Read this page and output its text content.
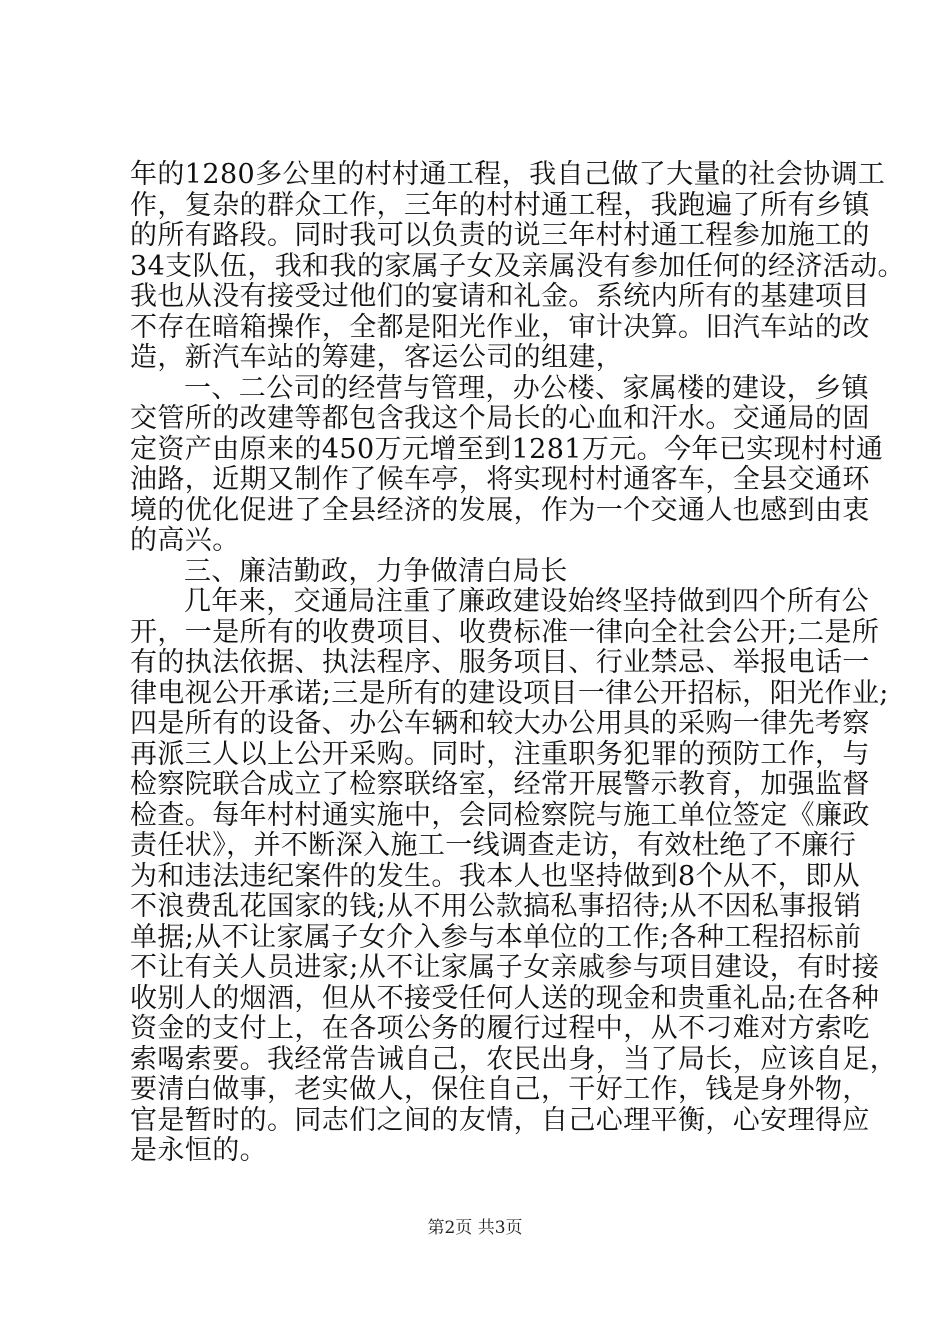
年的1280多公里的村村通工程，我自己做了大量的社会协调工
作，复杂的群众工作，三年的村村通工程，我跑遍了所有乡镇
的所有路段。同时我可以负责的说三年村村通工程参加施工的
34支队伍，我和我的家属子女及亲属没有参加任何的经济活动。
我也从没有接受过他们的宴请和礼金。系统内所有的基建项目
不存在暗箱操作，全都是阳光作业，审计决算。旧汽车站的改
造，新汽车站的筹建，客运公司的组建，
一、二公司的经营与管理，办公楼、家属楼的建设，乡镇
交管所的改建等都包含我这个局长的心血和汗水。交通局的固
定资产由原来的450万元增至到1281万元。今年已实现村村通
油路，近期又制作了候车亭，将实现村村通客车，全县交通环
境的优化促进了全县经济的发展，作为一个交通人也感到由衷
的高兴。
三、廉洁勤政，力争做清白局长
几年来，交通局注重了廉政建设始终坚持做到四个所有公
开，一是所有的收费项目、收费标准一律向全社会公开;二是所
有的执法依据、执法程序、服务项目、行业禁忌、举报电话一
律电视公开承诺;三是所有的建设项目一律公开招标，阳光作业;
四是所有的设备、办公车辆和较大办公用具的采购一律先考察
再派三人以上公开采购。同时，注重职务犯罪的预防工作，与
检察院联合成立了检察联络室，经常开展警示教育，加强监督
检查。每年村村通实施中，会同检察院与施工单位签定《廉政
责任状》，并不断深入施工一线调查走访，有效杜绝了不廉行
为和违法违纪案件的发生。我本人也坚持做到8个从不，即从
不浪费乱花国家的钱;从不用公款搞私事招待;从不因私事报销
单据;从不让家属子女介入参与本单位的工作;各种工程招标前
不让有关人员进家;从不让家属子女亲戚参与项目建设，有时接
收别人的烟酒，但从不接受任何人送的现金和贵重礼品;在各种
资金的支付上，在各项公务的履行过程中，从不刁难对方索吃
索喝索要。我经常告诫自己，农民出身，当了局长，应该自足，
要清白做事，老实做人，保住自己，干好工作，钱是身外物，
官是暂时的。同志们之间的友情，自己心理平衡，心安理得应
是永恒的。
第2页 共3页
